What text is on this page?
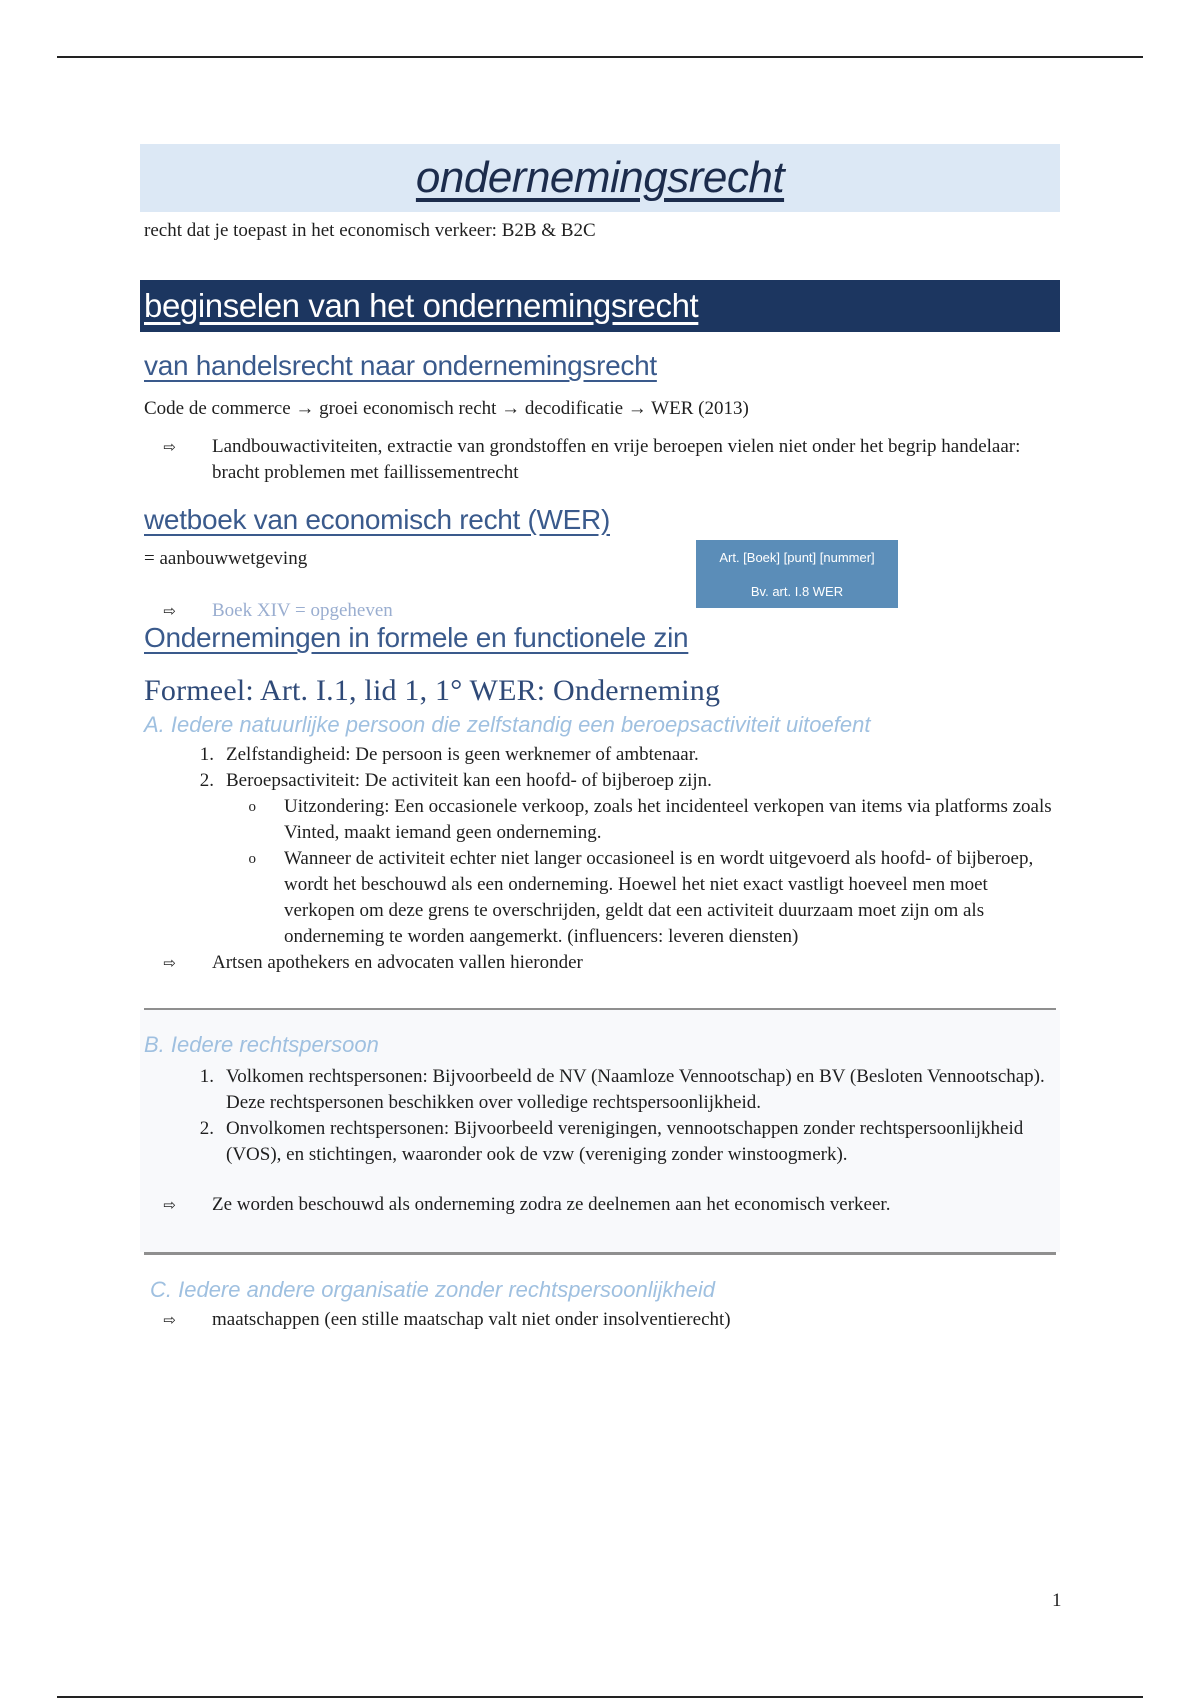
ondernemingsrecht
recht dat je toepast in het economisch verkeer: B2B & B2C
beginselen van het ondernemingsrecht
van handelsrecht naar ondernemingsrecht
Code de commerce → groei economisch recht → decodificatie → WER (2013)
⇨	Landbouwactiviteiten, extractie van grondstoffen en vrije beroepen vielen niet onder het begrip handelaar: bracht problemen met faillissementrecht
wetboek van economisch recht (WER)
= aanbouwwetgeving
⇨	Boek XIV = opgeheven
Art. [Boek] [punt] [nummer]
Bv. art. I.8 WER
Ondernemingen in formele en functionele zin
Formeel: Art. I.1, lid 1, 1° WER: Onderneming
A. Iedere natuurlijke persoon die zelfstandig een beroepsactiviteit uitoefent
1. Zelfstandigheid: De persoon is geen werknemer of ambtenaar.
2. Beroepsactiviteit: De activiteit kan een hoofd- of bijberoep zijn.
o	Uitzondering: Een occasionele verkoop, zoals het incidenteel verkopen van items via platforms zoals Vinted, maakt iemand geen onderneming.
o	Wanneer de activiteit echter niet langer occasioneel is en wordt uitgevoerd als hoofd- of bijberoep, wordt het beschouwd als een onderneming. Hoewel het niet exact vastligt hoeveel men moet verkopen om deze grens te overschrijden, geldt dat een activiteit duurzaam moet zijn om als onderneming te worden aangemerkt. (influencers: leveren diensten)
⇨	Artsen apothekers en advocaten vallen hieronder
B. Iedere rechtspersoon
1. Volkomen rechtspersonen: Bijvoorbeeld de NV (Naamloze Vennootschap) en BV (Besloten Vennootschap). Deze rechtspersonen beschikken over volledige rechtspersoonlijkheid.
2. Onvolkomen rechtspersonen: Bijvoorbeeld verenigingen, vennootschappen zonder rechtspersoonlijkheid (VOS), en stichtingen, waaronder ook de vzw (vereniging zonder winstoogmerk).
⇨	Ze worden beschouwd als onderneming zodra ze deelnemen aan het economisch verkeer.
C. Iedere andere organisatie zonder rechtspersoonlijkheid
⇨	maatschappen (een stille maatschap valt niet onder insolventierecht)
1
